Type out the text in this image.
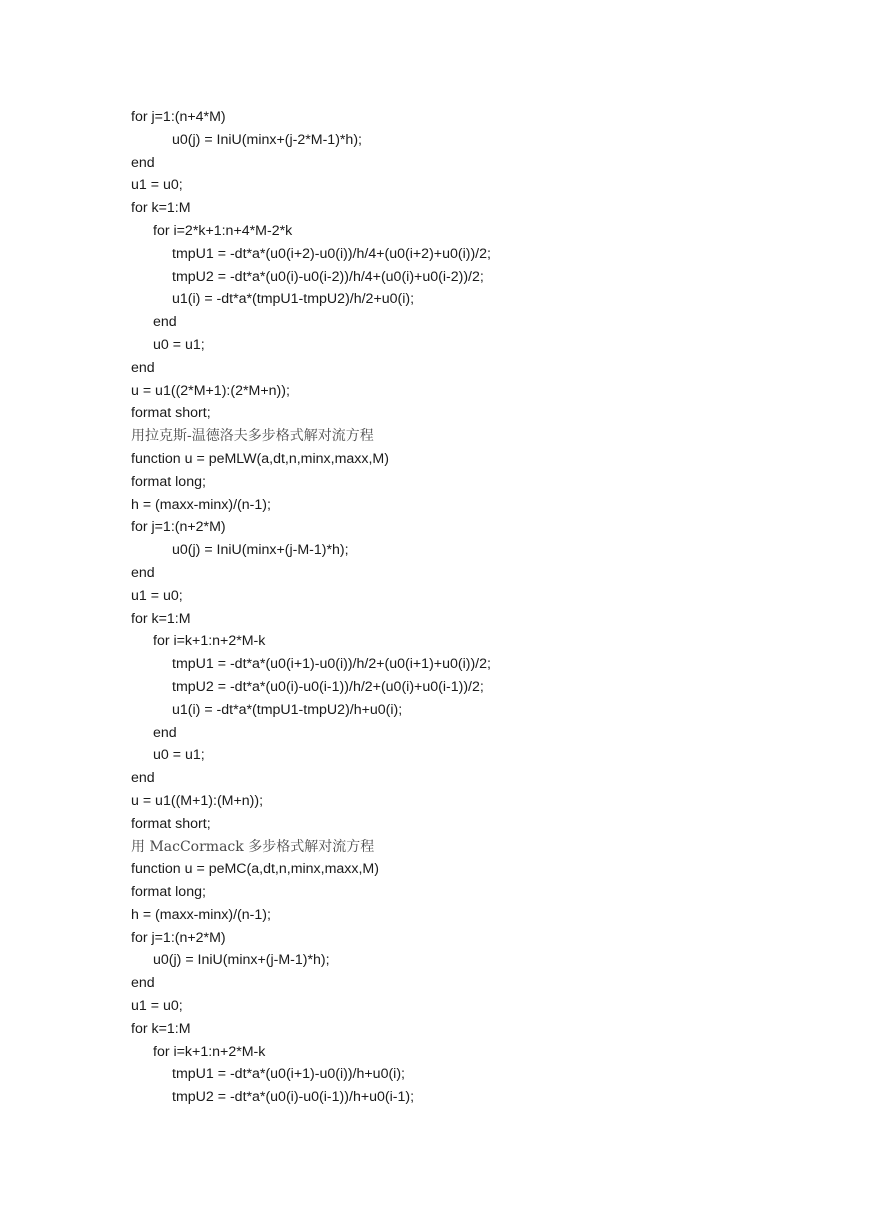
for j=1:(n+4*M)
u0(j) = IniU(minx+(j-2*M-1)*h);
end
u1 = u0;
for k=1:M
for i=2*k+1:n+4*M-2*k
tmpU1 = -dt*a*(u0(i+2)-u0(i))/h/4+(u0(i+2)+u0(i))/2;
tmpU2 = -dt*a*(u0(i)-u0(i-2))/h/4+(u0(i)+u0(i-2))/2;
u1(i) = -dt*a*(tmpU1-tmpU2)/h/2+u0(i);
end
u0 = u1;
end
u = u1((2*M+1):(2*M+n));
format short;
用拉克斯-温德洛夫多步格式解对流方程
function u = peMLW(a,dt,n,minx,maxx,M)
format long;
h = (maxx-minx)/(n-1);
for j=1:(n+2*M)
u0(j) = IniU(minx+(j-M-1)*h);
end
u1 = u0;
for k=1:M
for i=k+1:n+2*M-k
tmpU1 = -dt*a*(u0(i+1)-u0(i))/h/2+(u0(i+1)+u0(i))/2;
tmpU2 = -dt*a*(u0(i)-u0(i-1))/h/2+(u0(i)+u0(i-1))/2;
u1(i) = -dt*a*(tmpU1-tmpU2)/h+u0(i);
end
u0 = u1;
end
u = u1((M+1):(M+n));
format short;
用 MacCormack 多步格式解对流方程
function u = peMC(a,dt,n,minx,maxx,M)
format long;
h = (maxx-minx)/(n-1);
for j=1:(n+2*M)
u0(j) = IniU(minx+(j-M-1)*h);
end
u1 = u0;
for k=1:M
for i=k+1:n+2*M-k
tmpU1 = -dt*a*(u0(i+1)-u0(i))/h+u0(i);
tmpU2 = -dt*a*(u0(i)-u0(i-1))/h+u0(i-1);
